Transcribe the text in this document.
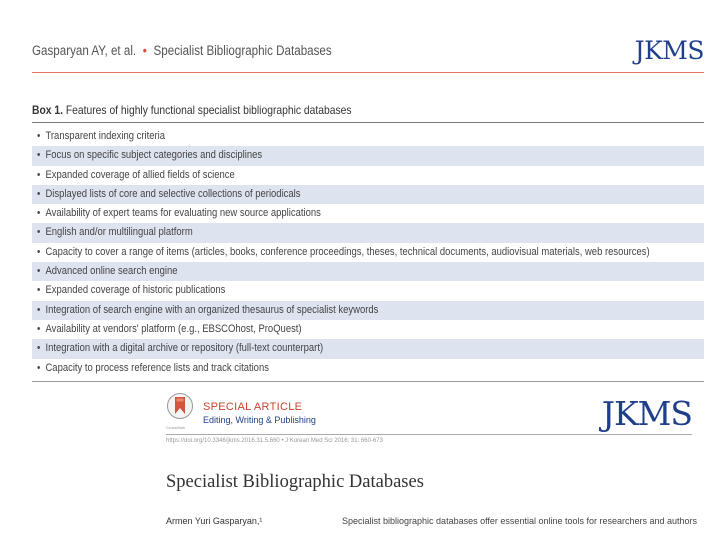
Gasparyan AY, et al. • Specialist Bibliographic Databases	JKMS
Box 1. Features of highly functional specialist bibliographic databases
• Transparent indexing criteria
• Focus on specific subject categories and disciplines
• Expanded coverage of allied fields of science
• Displayed lists of core and selective collections of periodicals
• Availability of expert teams for evaluating new source applications
• English and/or multilingual platform
• Capacity to cover a range of items (articles, books, conference proceedings, theses, technical documents, audiovisual materials, web resources)
• Advanced online search engine
• Expanded coverage of historic publications
• Integration of search engine with an organized thesaurus of specialist keywords
• Availability at vendors' platform (e.g., EBSCOhost, ProQuest)
• Integration with a digital archive or repository (full-text counterpart)
• Capacity to process reference lists and track citations
CrossMark
SPECIAL ARTICLE
Editing, Writing & Publishing	JKMS
https://doi.org/10.3346/jkms.2016.31.5.660 • J Korean Med Sci 2016; 31: 660-673
Specialist Bibliographic Databases
Armen Yuri Gasparyan,¹	Specialist bibliographic databases offer essential online tools for researchers and authors
